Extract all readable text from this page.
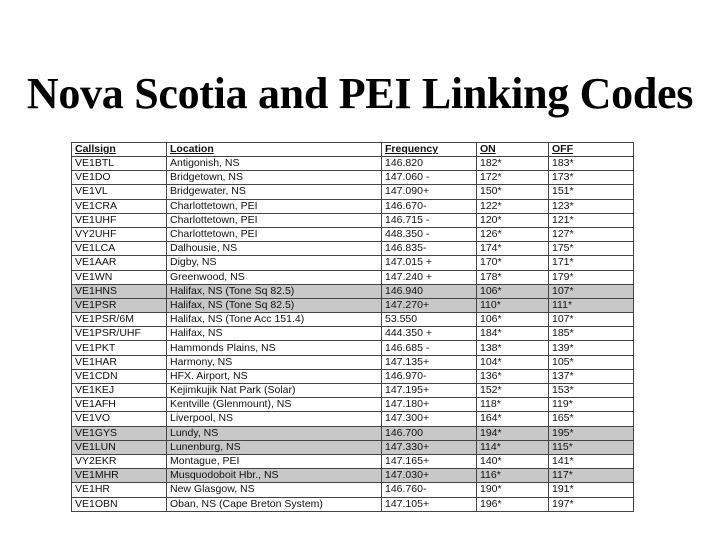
Nova Scotia and PEI Linking Codes
Callsign	Location	Frequency	ON	OFF
VE1BTL	Antigonish, NS	146.820	182*	183*
VE1DO	Bridgetown, NS	147.060 -	172*	173*
VE1VL	Bridgewater, NS	147.090+	150*	151*
VE1CRA	Charlottetown, PEI	146.670-	122*	123*
VE1UHF	Charlottetown, PEI	146.715 -	120*	121*
VY2UHF	Charlottetown, PEI	448.350 -	126*	127*
VE1LCA	Dalhousie, NS	146.835-	174*	175*
VE1AAR	Digby, NS	147.015 +	170*	171*
VE1WN	Greenwood, NS	147.240 +	178*	179*
VE1HNS	Halifax, NS (Tone Sq 82.5)	146.940	106*	107*
VE1PSR	Halifax, NS (Tone Sq 82.5)	147.270+	110*	111*
VE1PSR/6M	Halifax, NS (Tone Acc 151.4)	53.550	106*	107*
VE1PSR/UHF	Halifax, NS	444.350 +	184*	185*
VE1PKT	Hammonds Plains, NS	146.685 -	138*	139*
VE1HAR	Harmony, NS	147.135+	104*	105*
VE1CDN	HFX. Airport, NS	146.970-	136*	137*
VE1KEJ	Kejimkujik Nat Park (Solar)	147.195+	152*	153*
VE1AFH	Kentville (Glenmount), NS	147.180+	118*	119*
VE1VO	Liverpool, NS	147.300+	164*	165*
VE1GYS	Lundy, NS	146.700	194*	195*
VE1LUN	Lunenburg, NS	147.330+	114*	115*
VY2EKR	Montague, PEI	147.165+	140*	141*
VE1MHR	Musquodoboit Hbr., NS	147.030+	116*	117*
VE1HR	New Glasgow, NS	146.760-	190*	191*
VE1OBN	Oban, NS (Cape Breton System)	147.105+	196*	197*
